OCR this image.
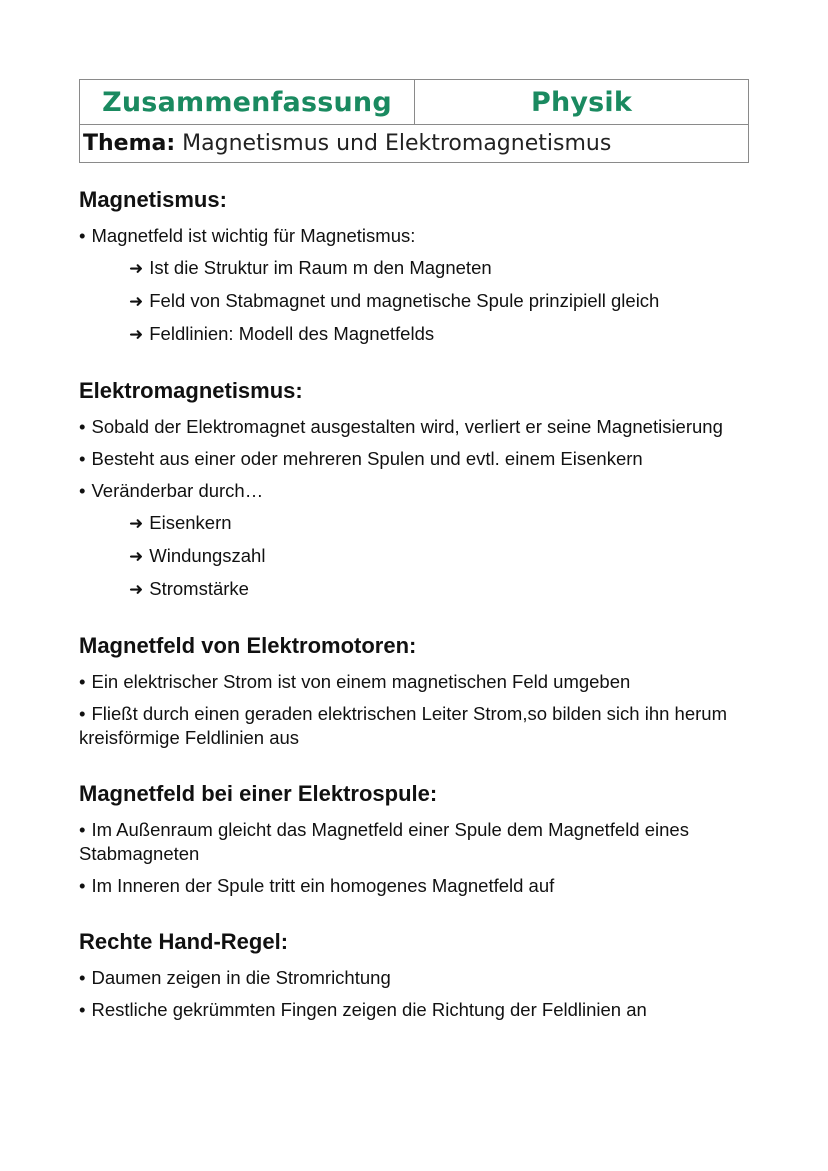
Zusammenfassung	Physik
Thema: Magnetismus und Elektromagnetismus
Magnetismus:
• Magnetfeld ist wichtig für Magnetismus:
➜ Ist die Struktur im Raum m den Magneten
➜ Feld von Stabmagnet und magnetische Spule prinzipiell gleich
➜ Feldlinien: Modell des Magnetfelds
Elektromagnetismus:
• Sobald der Elektromagnet ausgestalten wird, verliert er seine Magnetisierung
• Besteht aus einer oder mehreren Spulen und evtl. einem Eisenkern
• Veränderbar durch…
➜ Eisenkern
➜ Windungszahl
➜ Stromstärke
Magnetfeld von Elektromotoren:
• Ein elektrischer Strom ist von einem magnetischen Feld umgeben
• Fließt durch einen geraden elektrischen Leiter Strom,so bilden sich ihn herum kreisförmige Feldlinien aus
Magnetfeld bei einer Elektrospule:
• Im Außenraum gleicht das Magnetfeld einer Spule dem Magnetfeld eines Stabmagneten
• Im Inneren der Spule tritt ein homogenes Magnetfeld auf
Rechte Hand-Regel:
• Daumen zeigen in die Stromrichtung
• Restliche gekrümmten Fingen zeigen die Richtung der Feldlinien an
